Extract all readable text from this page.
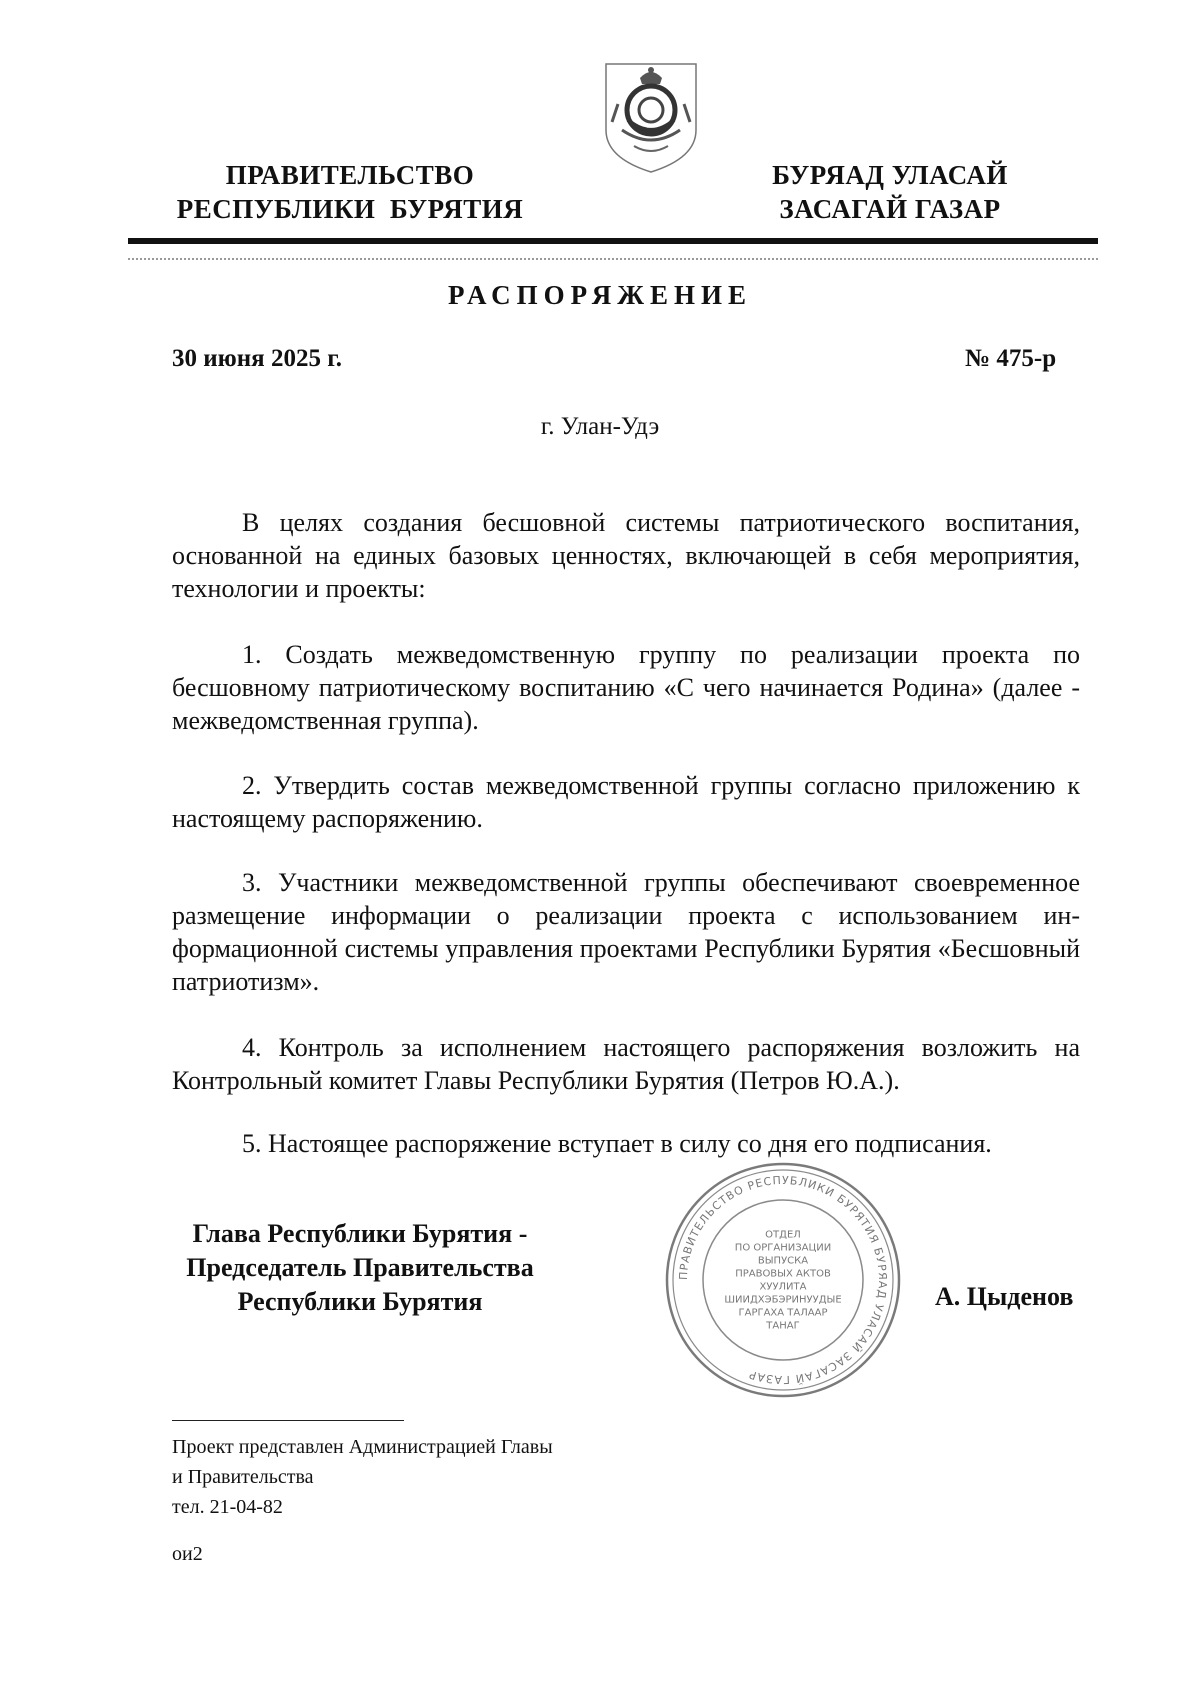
ПРАВИТЕЛЬСТВО
РЕСПУБЛИКИ  БУРЯТИЯ
БУРЯАД УЛАСАЙ
ЗАСАГАЙ ГАЗАР
РАСПОРЯЖЕНИЕ
30 июня 2025 г.	№ 475-р
г. Улан-Удэ
В целях создания бесшовной системы патриотического воспитания, основанной на единых базовых ценностях, включающей в себя мероприятия, технологии и проекты:
1. Создать межведомственную группу по реализации проекта по бесшовному патриотическому воспитанию «С чего начинается Родина» (далее - межведомственная группа).
2. Утвердить состав межведомственной группы согласно приложению к настоящему распоряжению.
3. Участники межведомственной группы обеспечивают своевременное размещение информации о реализации проекта с использованием информационной системы управления проектами Республики Бурятия «Бесшовный патриотизм».
4. Контроль за исполнением настоящего распоряжения возложить на Контрольный комитет Главы Республики Бурятия (Петров Ю.А.).
5. Настоящее распоряжение вступает в силу со дня его подписания.
Глава Республики Бурятия -
Председатель Правительства
Республики Бурятия
ПРАВИТЕЛЬСТВО РЕСПУБЛИКИ БУРЯТИЯ БУРЯАД УЛАСАЙ ЗАСАГАЙ ГАЗАР
ОТДЕЛ
ПО ОРГАНИЗАЦИИ
ВЫПУСКА
ПРАВОВЫХ АКТОВ
ХУУЛИТА
ШИИДХЭБЭРИНУУДЫЕ
ГАРГАХА ТАЛААР
ТАНАГ
А. Цыденов
Проект представлен Администрацией Главы
и Правительства
тел. 21-04-82
ои2
